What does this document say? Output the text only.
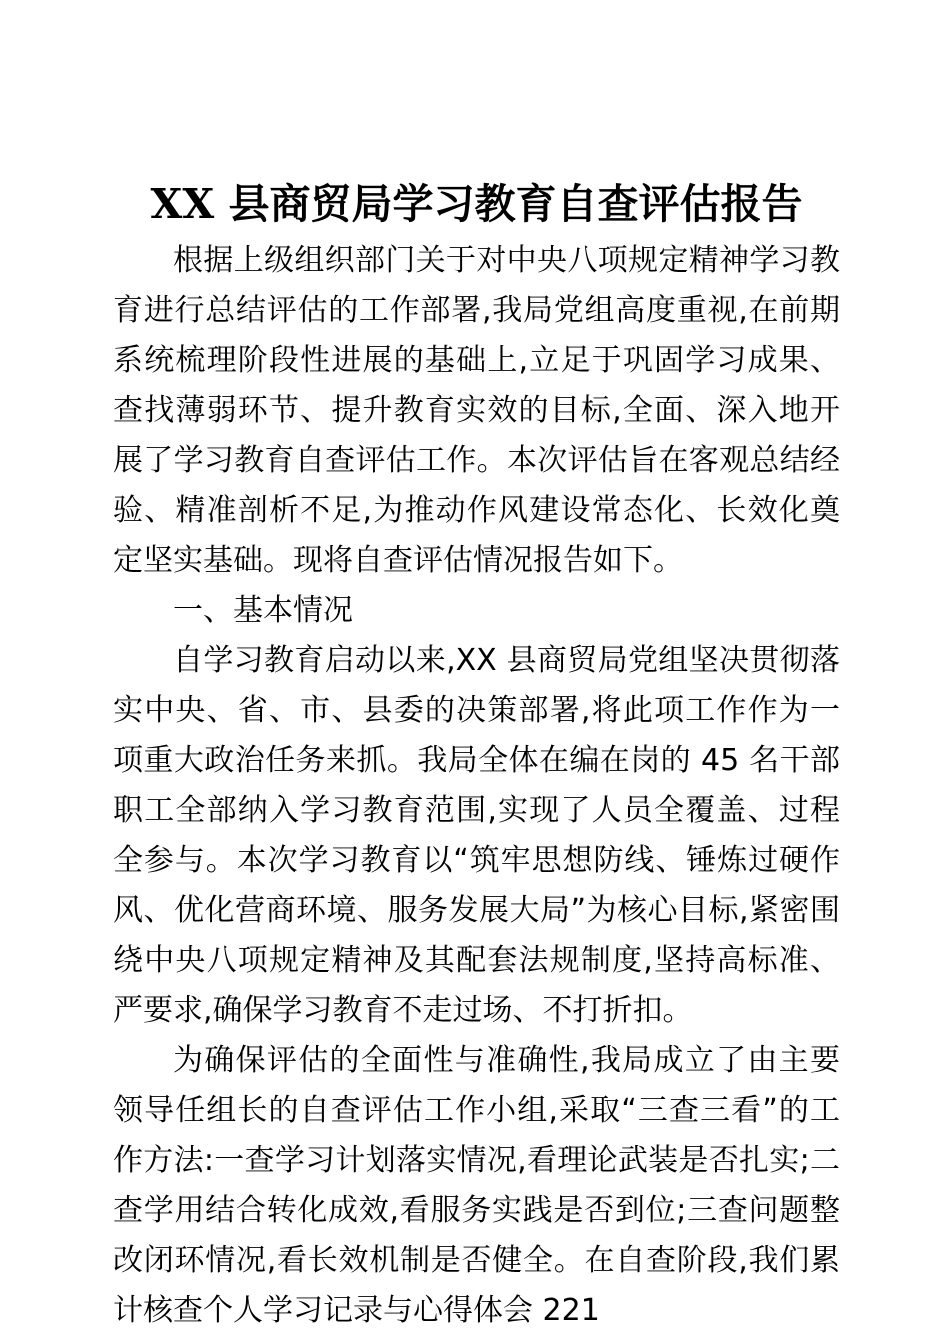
XX 县商贸局学习教育自查评估报告

根据上级组织部门关于对中央八项规定精神学习教育进行总结评估的工作部署,我局党组高度重视,在前期系统梳理阶段性进展的基础上,立足于巩固学习成果、查找薄弱环节、提升教育实效的目标,全面、深入地开展了学习教育自查评估工作。本次评估旨在客观总结经验、精准剖析不足,为推动作风建设常态化、长效化奠定坚实基础。现将自查评估情况报告如下。

一、基本情况

自学习教育启动以来,XX 县商贸局党组坚决贯彻落实中央、省、市、县委的决策部署,将此项工作作为一项重大政治任务来抓。我局全体在编在岗的 45 名干部职工全部纳入学习教育范围,实现了人员全覆盖、过程全参与。本次学习教育以“筑牢思想防线、锤炼过硬作风、优化营商环境、服务发展大局”为核心目标,紧密围绕中央八项规定精神及其配套法规制度,坚持高标准、严要求,确保学习教育不走过场、不打折扣。

为确保评估的全面性与准确性,我局成立了由主要领导任组长的自查评估工作小组,采取“三查三看”的工作方法:一查学习计划落实情况,看理论武装是否扎实;二查学用结合转化成效,看服务实践是否到位;三查问题整改闭环情况,看长效机制是否健全。在自查阶段,我们累计核查个人学习记录与心得体会 221
